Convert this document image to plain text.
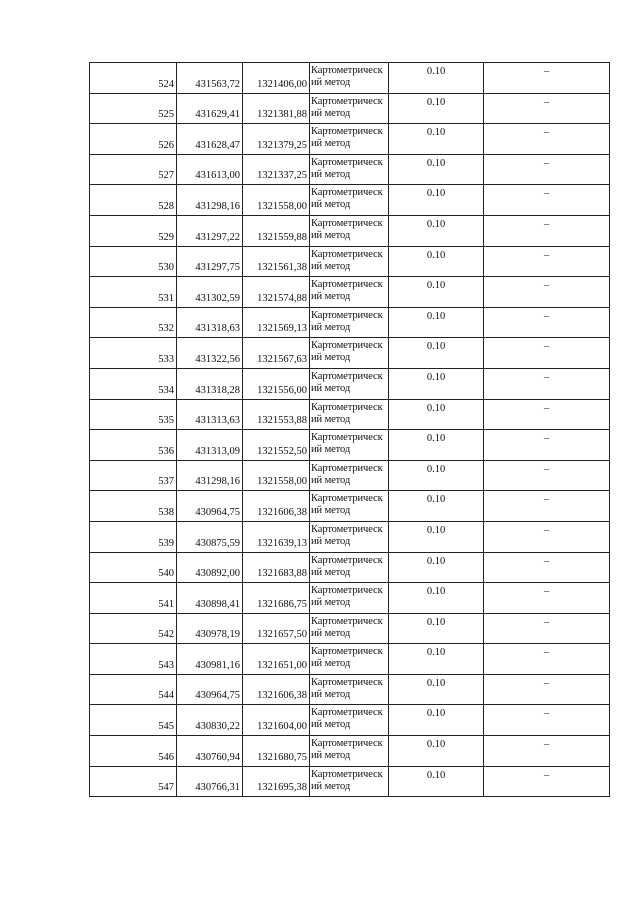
524	431563,72	1321406,00	Картометрический метод	0.10	–
525	431629,41	1321381,88	Картометрический метод	0.10	–
526	431628,47	1321379,25	Картометрический метод	0.10	–
527	431613,00	1321337,25	Картометрический метод	0.10	–
528	431298,16	1321558,00	Картометрический метод	0.10	–
529	431297,22	1321559,88	Картометрический метод	0.10	–
530	431297,75	1321561,38	Картометрический метод	0.10	–
531	431302,59	1321574,88	Картометрический метод	0.10	–
532	431318,63	1321569,13	Картометрический метод	0.10	–
533	431322,56	1321567,63	Картометрический метод	0.10	–
534	431318,28	1321556,00	Картометрический метод	0.10	–
535	431313,63	1321553,88	Картометрический метод	0.10	–
536	431313,09	1321552,50	Картометрический метод	0.10	–
537	431298,16	1321558,00	Картометрический метод	0.10	–
538	430964,75	1321606,38	Картометрический метод	0.10	–
539	430875,59	1321639,13	Картометрический метод	0.10	–
540	430892,00	1321683,88	Картометрический метод	0.10	–
541	430898,41	1321686,75	Картометрический метод	0.10	–
542	430978,19	1321657,50	Картометрический метод	0.10	–
543	430981,16	1321651,00	Картометрический метод	0.10	–
544	430964,75	1321606,38	Картометрический метод	0.10	–
545	430830,22	1321604,00	Картометрический метод	0.10	–
546	430760,94	1321680,75	Картометрический метод	0.10	–
547	430766,31	1321695,38	Картометрический метод	0.10	–
